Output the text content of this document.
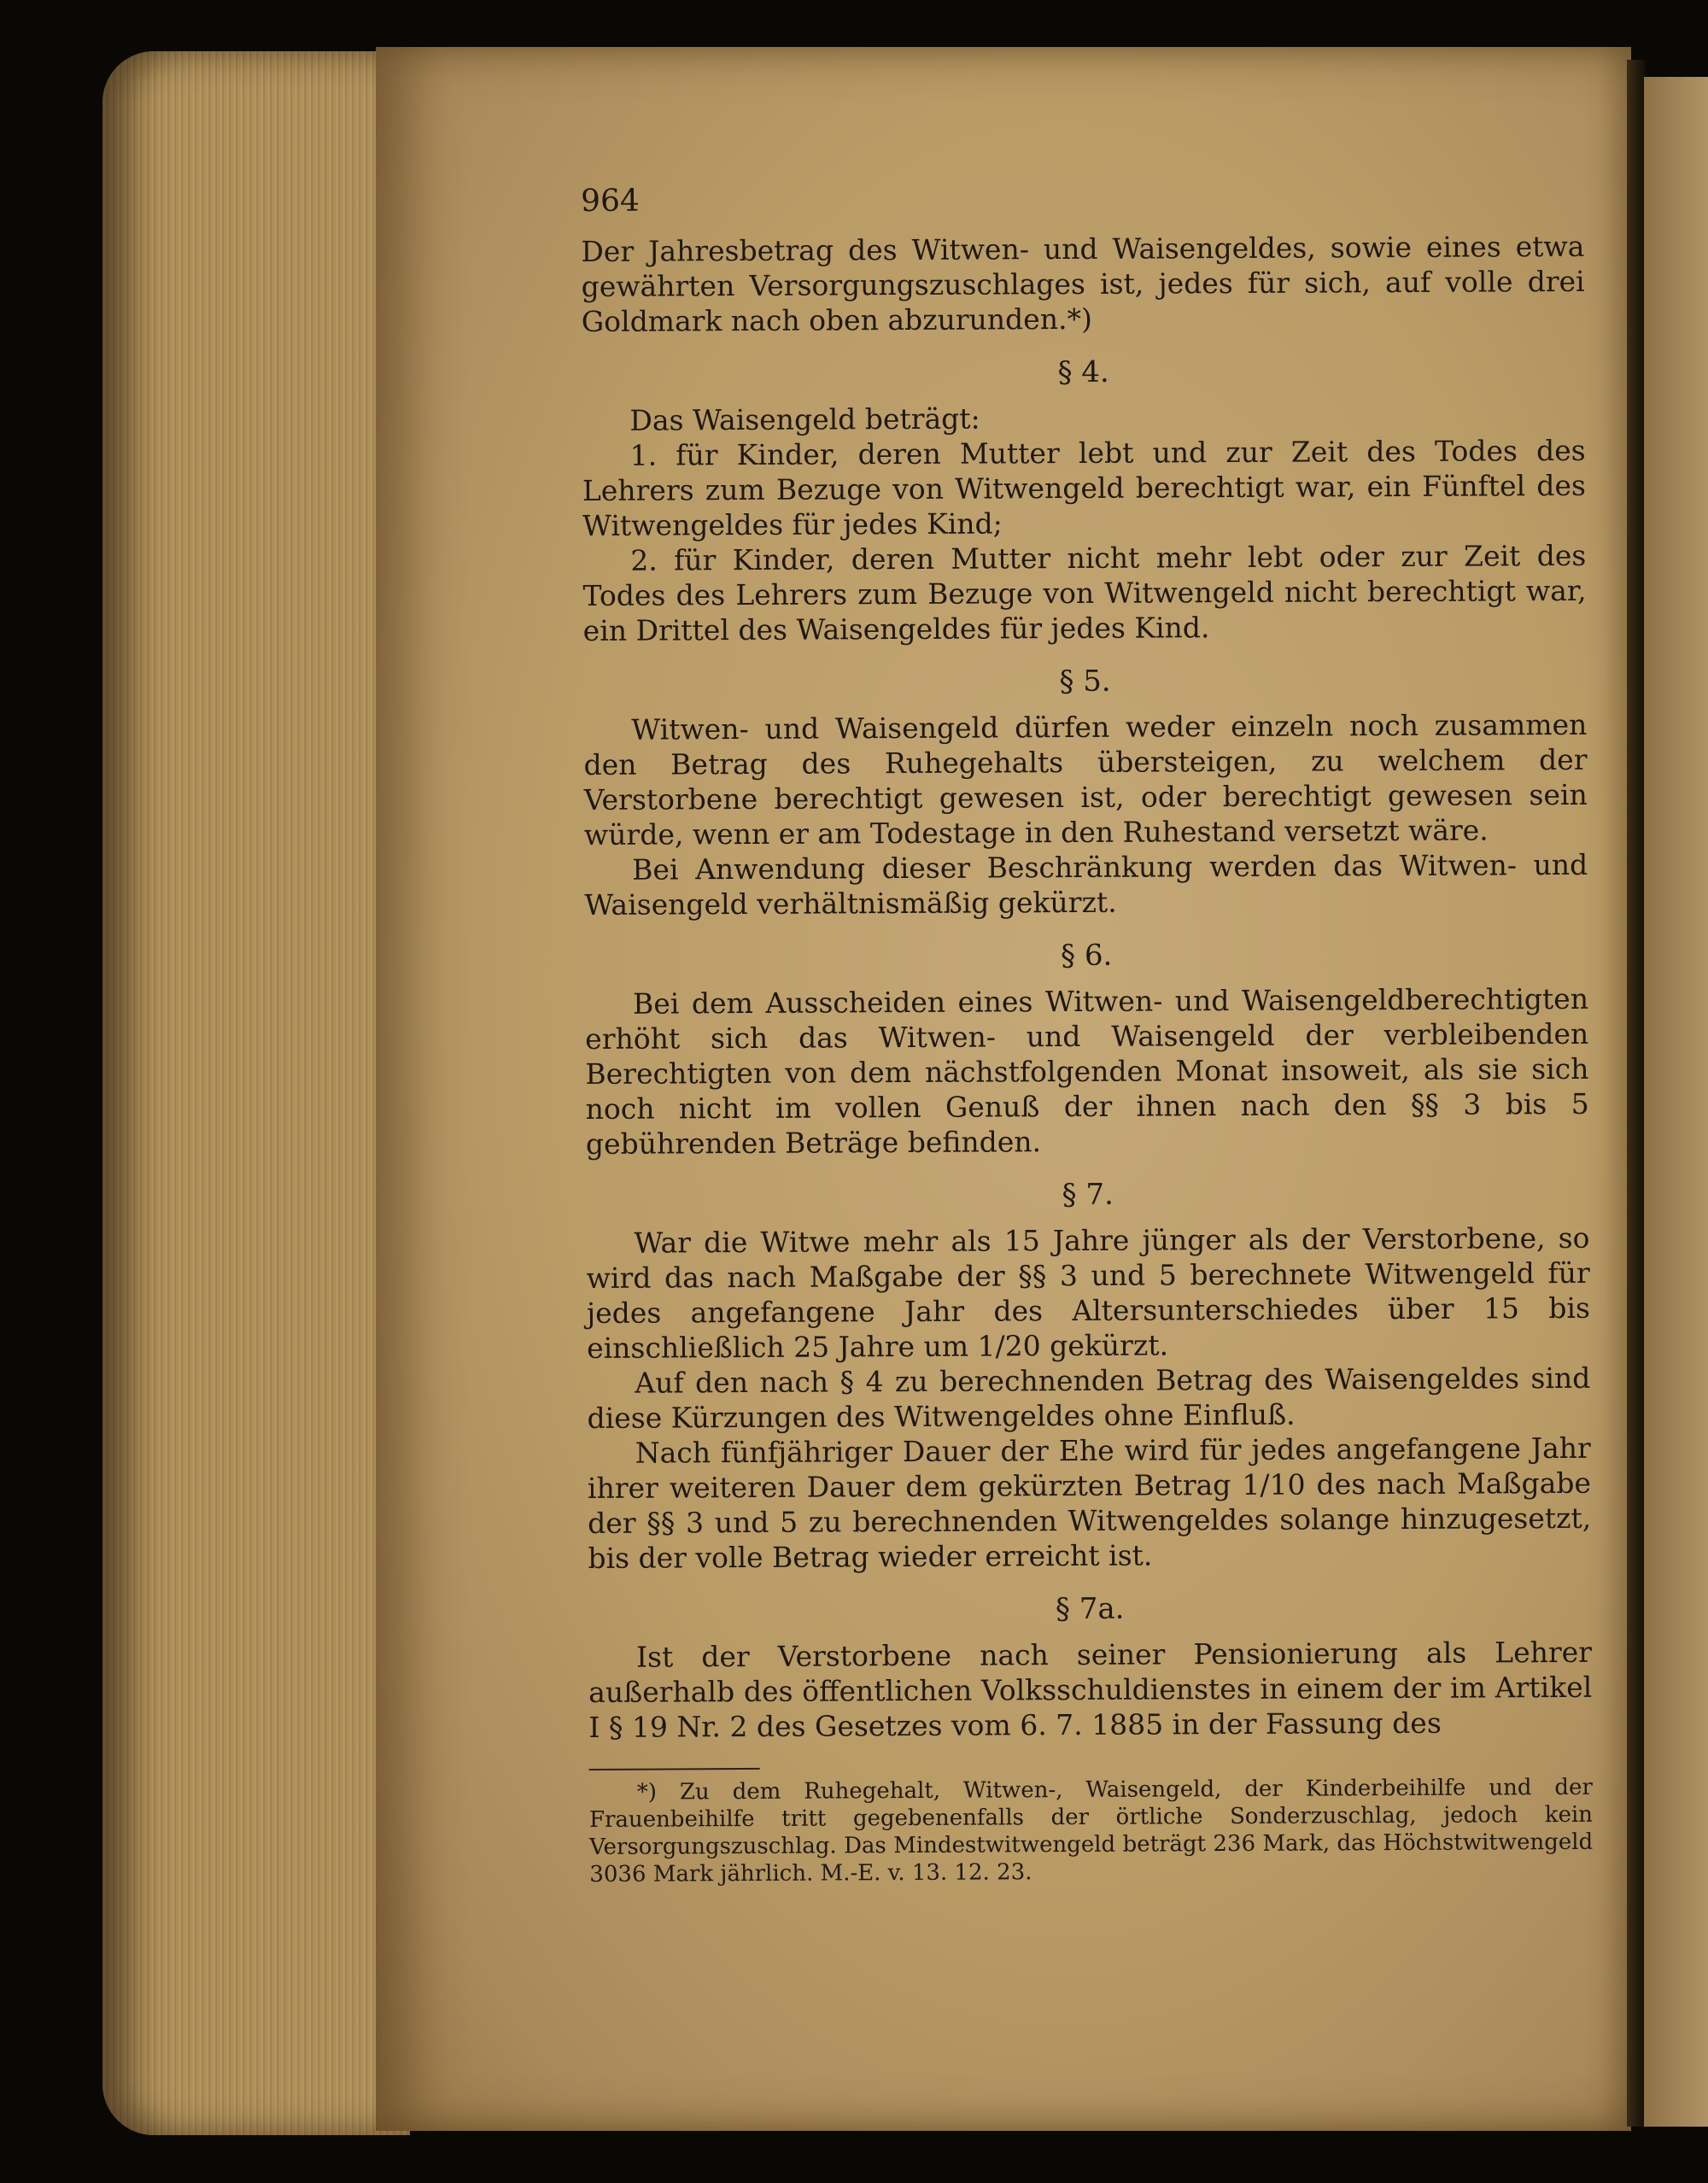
964

Der Jahresbetrag des Witwen- und Waisengeldes, sowie eines etwa gewährten Versorgungszuschlages ist, jedes für sich, auf volle drei Goldmark nach oben abzurunden.*)

§ 4.

Das Waisengeld beträgt:

1. für Kinder, deren Mutter lebt und zur Zeit des Todes des Lehrers zum Bezuge von Witwengeld berechtigt war, ein Fünftel des Witwengeldes für jedes Kind;

2. für Kinder, deren Mutter nicht mehr lebt oder zur Zeit des Todes des Lehrers zum Bezuge von Witwengeld nicht berechtigt war, ein Drittel des Waisengeldes für jedes Kind.

§ 5.

Witwen- und Waisengeld dürfen weder einzeln noch zusammen den Betrag des Ruhegehalts übersteigen, zu welchem der Verstorbene berechtigt gewesen ist, oder berechtigt gewesen sein würde, wenn er am Todestage in den Ruhestand versetzt wäre.

Bei Anwendung dieser Beschränkung werden das Witwen- und Waisengeld verhältnismäßig gekürzt.

§ 6.

Bei dem Ausscheiden eines Witwen- und Waisengeldberechtigten erhöht sich das Witwen- und Waisengeld der verbleibenden Berechtigten von dem nächstfolgenden Monat insoweit, als sie sich noch nicht im vollen Genuß der ihnen nach den §§ 3 bis 5 gebührenden Beträge befinden.

§ 7.

War die Witwe mehr als 15 Jahre jünger als der Verstorbene, so wird das nach Maßgabe der §§ 3 und 5 berechnete Witwengeld für jedes angefangene Jahr des Altersunterschiedes über 15 bis einschließlich 25 Jahre um 1/20 gekürzt.

Auf den nach § 4 zu berechnenden Betrag des Waisengeldes sind diese Kürzungen des Witwengeldes ohne Einfluß.

Nach fünfjähriger Dauer der Ehe wird für jedes angefangene Jahr ihrer weiteren Dauer dem gekürzten Betrag 1/10 des nach Maßgabe der §§ 3 und 5 zu berechnenden Witwengeldes solange hinzugesetzt, bis der volle Betrag wieder erreicht ist.

§ 7a.

Ist der Verstorbene nach seiner Pensionierung als Lehrer außerhalb des öffentlichen Volksschuldienstes in einem der im Artikel I § 19 Nr. 2 des Gesetzes vom 6. 7. 1885 in der Fassung des

*) Zu dem Ruhegehalt, Witwen-, Waisengeld, der Kinderbeihilfe und der Frauenbeihilfe tritt gegebenenfalls der örtliche Sonderzuschlag, jedoch kein Versorgungszuschlag. Das Mindestwitwengeld beträgt 236 Mark, das Höchstwitwengeld 3036 Mark jährlich. M.-E. v. 13. 12. 23.
